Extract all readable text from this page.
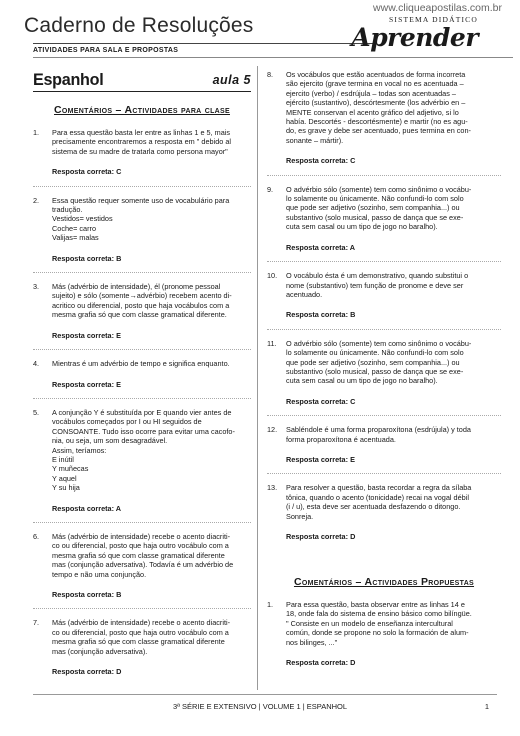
www.cliqueapostilas.com.br
Caderno de Resoluções
ATIVIDADES PARA SALA E PROPOSTAS
SISTEMA DIDÁTICO
Aprender
Espanhol	aula 5
Comentários – Actividades para clase
1. Para essa questão basta ler entre as linhas 1 e 5, mais
precisamente encontraremos a resposta em " debido al
sistema de su madre de tratarla como persona mayor"
Resposta correta: C
2. Essa questão requer somente uso de vocabulário para
tradução.
Vestidos= vestidos
Coche= carro
Valijas= malas
Resposta correta: B
3. Más (advérbio de intensidade), él (pronome pessoal
sujeito) e sólo (somente→advérbio) recebem acento di-
acritico ou diferencial, posto que haja vocábulos com a
mesma grafia só que com classe gramatical diferente.
Resposta correta: E
4. Mientras é um advérbio de tempo e significa enquanto.
Resposta correta: E
5. A conjunção Y é substituída por E quando vier antes de
vocábulos começados por I ou HI seguidos de
CONSOANTE. Tudo isso ocorre para evitar uma cacofo-
nia, ou seja, um som desagradável.
Assim, teríamos:
E inútil
Y muñecas
Y aquel
Y su hija
Resposta correta: A
6. Más (advérbio de intensidade) recebe o acento diacriti-
co ou diferencial, posto que haja outro vocábulo com a
mesma grafia só que com classe gramatical diferente
mas (conjunção adversativa). Todavía é um advérbio de
tempo e não uma conjunção.
Resposta correta: B
7. Más (advérbio de intensidade) recebe o acento diacriti-
co ou diferencial, posto que haja outro vocábulo com a
mesma grafia só que com classe gramatical diferente
mas (conjunção adversativa).
Resposta correta: D
8. Os vocábulos que estão acentuados de forma incorreta
são ejercito (grave termina en vocal no es acentuada –
ejercito (verbo) / esdrújula – todas son acentuadas –
ejército (sustantivo), descórtesmente (los advérbio en –
MENTE conservan el acento gráfico del adjetivo, si lo
había. Descortés - descortésmente) e martir (no es agu-
do, es grave y debe ser acentuado, pues termina en con-
sonante – mártir).
Resposta correta: C
9. O advérbio sólo (somente) tem como sinônimo o vocábu-
lo solamente ou únicamente. Não confundi-lo com solo
que pode ser adjetivo (sozinho, sem companhia...) ou
substantivo (solo musical, passo de dança que se exe-
cuta sem casal ou um tipo de jogo no baralho).
Resposta correta: A
10. O vocábulo ésta é um demonstrativo, quando substitui o
nome (substantivo) tem função de pronome e deve ser
acentuado.
Resposta correta: B
11. O advérbio sólo (somente) tem como sinônimo o vocábu-
lo solamente ou únicamente. Não confundi-lo com solo
que pode ser adjetivo (sozinho, sem companhia...) ou
substantivo (solo musical, passo de dança que se exe-
cuta sem casal ou um tipo de jogo no baralho).
Resposta correta: C
12. Sabléndole é uma forma proparoxítona (esdrújula) y toda
forma proparoxítona é acentuada.
Resposta correta: E
13. Para resolver a questão, basta recordar a regra da sílaba
tônica, quando o acento (tonicidade) recai na vogal débil
(i / u), esta deve ser acentuada desfazendo o ditongo.
Sonreja.
Resposta correta: D
Comentários – Actividades Propuestas
1. Para essa questão, basta observar entre as linhas 14 e
18, onde fala do sistema de ensino básico como bilíngüe.
" Consiste en un modelo de enseñanza intercultural
común, donde se propone no solo la formación de alum-
nos bilinges, ..."
Resposta correta: D
3ª SÉRIE E EXTENSIVO | VOLUME 1 | ESPANHOL	1
